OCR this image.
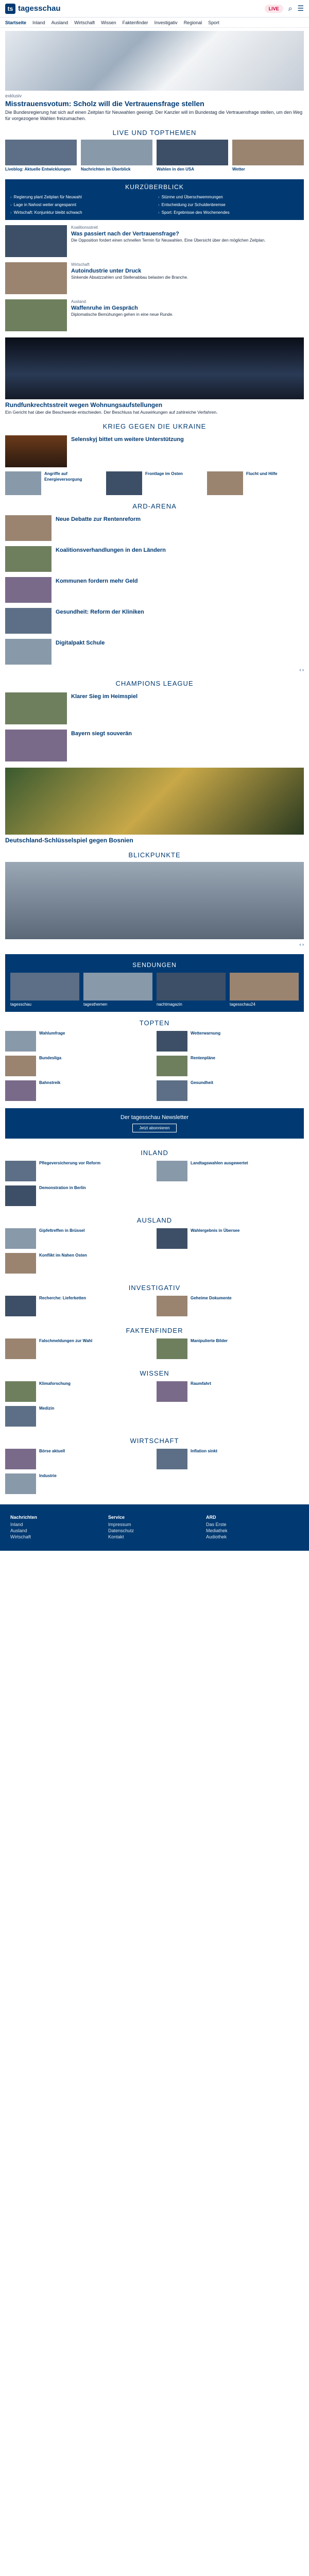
ts tagesschau	LIVE	⌕ ☰
Startseite Inland Ausland Wirtschaft Wissen Faktenfinder Investigativ Regional Sport
exklusiv
Misstrauensvotum: Scholz will die Vertrauensfrage stellen
Die Bundesregierung hat sich auf einen Zeitplan für Neuwahlen geeinigt. Der Kanzler will im Bundestag die Vertrauensfrage stellen, um den Weg für vorgezogene Wahlen freizumachen.
LIVE UND TOPTHEMEN
Liveblog: Aktuelle Entwicklungen	Nachrichten im Überblick	Wahlen in den USA	Wetter
KURZÜBERBLICK
› Regierung plant Zeitplan für Neuwahl	› Stürme und Überschwemmungen
› Lage in Nahost weiter angespannt	› Entscheidung zur Schuldenbremse
› Wirtschaft: Konjunktur bleibt schwach	› Sport: Ergebnisse des Wochenendes
Koalitionsstreit
Was passiert nach der Vertrauensfrage?
Die Opposition fordert einen schnellen Termin für Neuwahlen. Eine Übersicht über den möglichen Zeitplan.
Wirtschaft
Autoindustrie unter Druck
Sinkende Absatzzahlen und Stellenabbau belasten die Branche.
Ausland
Waffenruhe im Gespräch
Diplomatische Bemühungen gehen in eine neue Runde.
Rundfunkrechtsstreit wegen Wohnungsaufstellungen
Ein Gericht hat über die Beschwerde entschieden. Der Beschluss hat Auswirkungen auf zahlreiche Verfahren.
KRIEG GEGEN DIE UKRAINE
Selenskyj bittet um weitere Unterstützung
Angriffe auf Energieversorgung
Frontlage im Osten	Flucht und Hilfe
ARD-ARENA
Neue Debatte zur Rentenreform
Koalitionsverhandlungen in den Ländern
Kommunen fordern mehr Geld
Gesundheit: Reform der Kliniken
Digitalpakt Schule
‹ ›
CHAMPIONS LEAGUE
Klarer Sieg im Heimspiel
Bayern siegt souverän
Deutschland-Schlüsselspiel gegen Bosnien
BLICKPUNKTE
‹ ›
SENDUNGEN
tagesschau	tagesthemen	nachtmagazin	tagesschau24
TOPTEN
Wahlumfrage	Wetterwarnung
Bundesliga	Rentenpläne
Bahnstreik	Gesundheit
Der tagesschau Newsletter
Jetzt abonnieren
INLAND
Pflegeversicherung vor Reform	Landtagswahlen ausgewertet
Demonstration in Berlin
AUSLAND
Gipfeltreffen in Brüssel	Wahlergebnis in Übersee
Konflikt im Nahen Osten
INVESTIGATIV
Recherche: Lieferketten	Geheime Dokumente
FAKTENFINDER
Falschmeldungen zur Wahl	Manipulierte Bilder
WISSEN
Klimaforschung	Raumfahrt
Medizin
WIRTSCHAFT
Börse aktuell	Inflation sinkt
Industrie
Nachrichten
Inland
Ausland
Wirtschaft
Service
Impressum
Datenschutz
Kontakt
ARD
Das Erste
Mediathek
Audiothek
